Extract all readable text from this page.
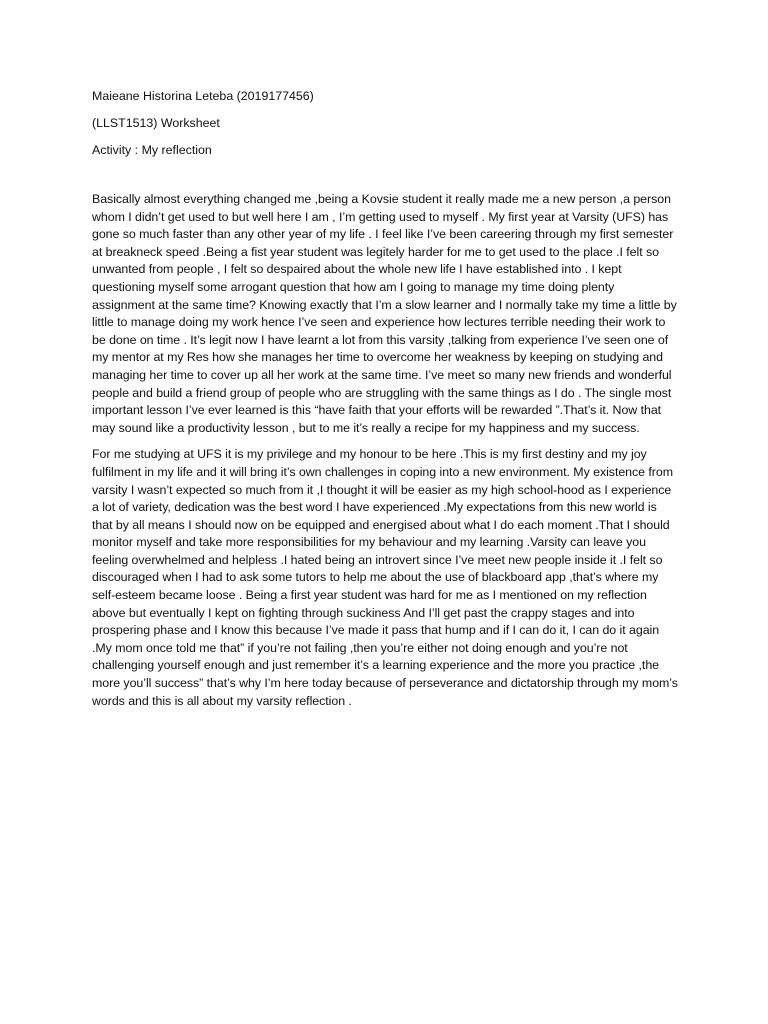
Maieane Historina Leteba (2019177456)
(LLST1513) Worksheet
Activity : My reflection

Basically almost everything changed me ,being a Kovsie student it really made me a new person ,a person whom I didn’t get used to but well here I am , I’m getting used to myself . My first year at Varsity (UFS) has gone so much faster than any other year of my life . I feel like I’ve been careering through my first semester at breakneck speed .Being a fist year student was legitely harder for me to get used to the place .I felt so unwanted from people , I felt so despaired about the whole new life I have established into . I kept questioning myself some arrogant question that how am I going to manage my time doing plenty assignment at the same time? Knowing exactly that I’m a slow learner and I normally take my time a little by little to manage doing my work hence I’ve seen and experience how lectures terrible needing their work to be done on time . It’s legit now I have learnt a lot from this varsity ,talking from experience I’ve seen one of my mentor at my Res how she manages her time to overcome her weakness by keeping on studying and managing her time to cover up all her work at the same time. I’ve meet so many new friends and wonderful people and build a friend group of people who are struggling with the same things as I do . The single most important lesson I’ve ever learned is this “have faith that your efforts will be rewarded ”.That’s it. Now that may sound like a productivity lesson , but to me it’s really a recipe for my happiness and my success.

For me studying at UFS it is my privilege and my honour to be here .This is my first destiny and my joy fulfilment in my life and it will bring it’s own challenges in coping into a new environment. My existence from varsity I wasn’t expected so much from it ,I thought it will be easier as my high school-hood as I experience a lot of variety, dedication was the best word I have experienced .My expectations from this new world is that by all means I should now on be equipped and energised about what I do each moment .That I should monitor myself and take more responsibilities for my behaviour and my learning .Varsity can leave you feeling overwhelmed and helpless .I hated being an introvert since I’ve meet new people inside it .I felt so discouraged when I had to ask some tutors to help me about the use of blackboard app ,that’s where my self-esteem became loose . Being a first year student was hard for me as I mentioned on my reflection above but eventually I kept on fighting through suckiness And I’ll get past the crappy stages and into prospering phase and I know this because I’ve made it pass that hump and if I can do it, I can do it again .My mom once told me that” if you’re not failing ,then you’re either not doing enough and you’re not challenging yourself enough and just remember it’s a learning experience and the more you practice ,the more you’ll success” that’s why I’m here today because of perseverance and dictatorship through my mom’s words and this is all about my varsity reflection .
